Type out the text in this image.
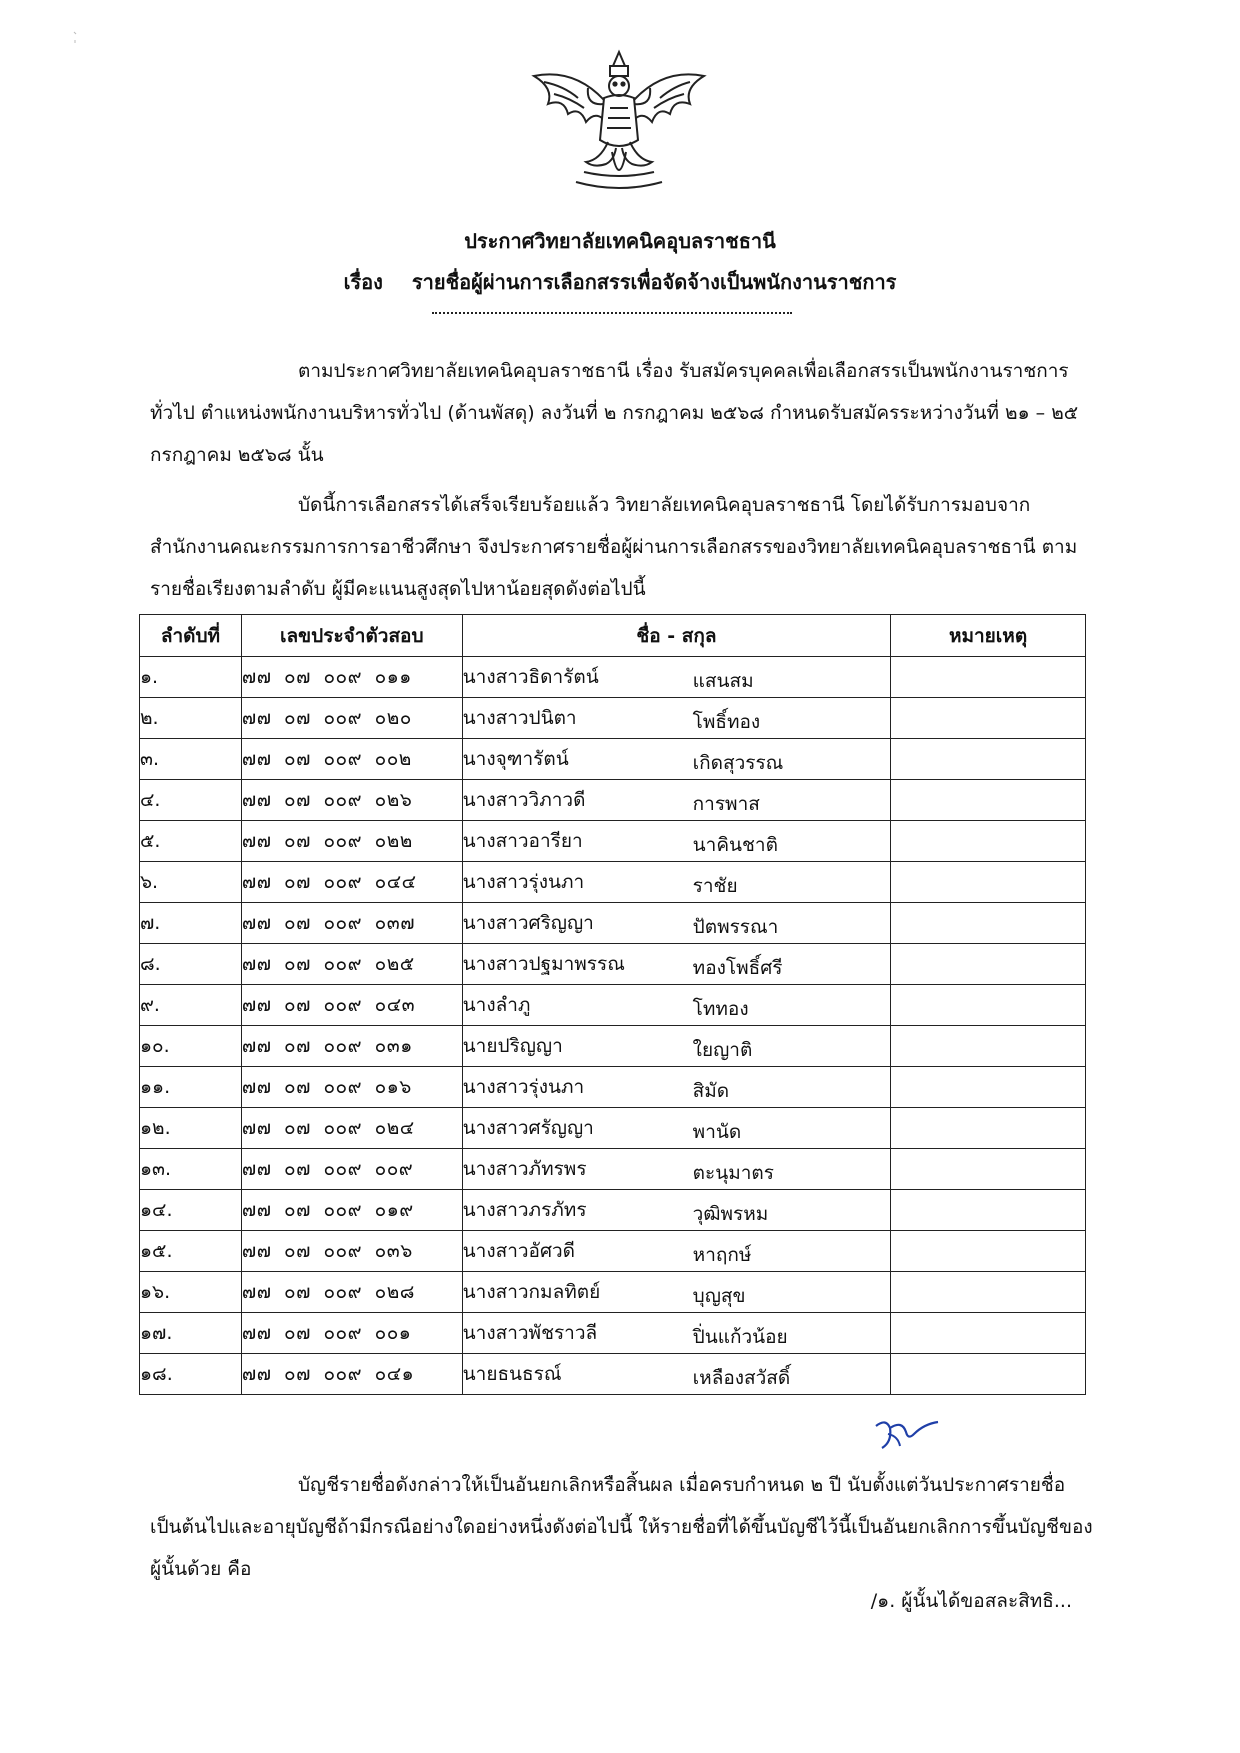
ประกาศวิทยาลัยเทคนิคอุบลราชธานี
เรื่อง รายชื่อผู้ผ่านการเลือกสรรเพื่อจัดจ้างเป็นพนักงานราชการ

ตามประกาศวิทยาลัยเทคนิคอุบลราชธานี เรื่อง รับสมัครบุคคลเพื่อเลือกสรรเป็นพนักงานราชการทั่วไป ตำแหน่งพนักงานบริหารทั่วไป (ด้านพัสดุ) ลงวันที่ ๒ กรกฎาคม ๒๕๖๘ กำหนดรับสมัครระหว่างวันที่ ๒๑ – ๒๕ กรกฎาคม ๒๕๖๘ นั้น

บัดนี้การเลือกสรรได้เสร็จเรียบร้อยแล้ว วิทยาลัยเทคนิคอุบลราชธานี โดยได้รับการมอบจากสำนักงานคณะกรรมการการอาชีวศึกษา จึงประกาศรายชื่อผู้ผ่านการเลือกสรรของวิทยาลัยเทคนิคอุบลราชธานี ตามรายชื่อเรียงตามลำดับ ผู้มีคะแนนสูงสุดไปหาน้อยสุดดังต่อไปนี้

ลำดับที่	เลขประจำตัวสอบ	ชื่อ - สกุล	หมายเหตุ
๑.	๗๗ ๐๗ ๐๐๙ ๐๑๑	นางสาวธิดารัตน์ แสนสม	

๒.	๗๗ ๐๗ ๐๐๙ ๐๒๐	นางสาวปนิตา โพธิ์ทอง	

๓.	๗๗ ๐๗ ๐๐๙ ๐๐๒	นางจุฑารัตน์ เกิดสุวรรณ	

๔.	๗๗ ๐๗ ๐๐๙ ๐๒๖	นางสาววิภาวดี การพาส	

๕.	๗๗ ๐๗ ๐๐๙ ๐๒๒	นางสาวอารียา นาคินชาติ	

๖.	๗๗ ๐๗ ๐๐๙ ๐๔๔	นางสาวรุ่งนภา ราชัย	

๗.	๗๗ ๐๗ ๐๐๙ ๐๓๗	นางสาวศริญญา ปัตพรรณา	

๘.	๗๗ ๐๗ ๐๐๙ ๐๒๕	นางสาวปฐมาพรรณ ทองโพธิ์ศรี	

๙.	๗๗ ๐๗ ๐๐๙ ๐๔๓	นางลำภู โททอง	

๑๐.	๗๗ ๐๗ ๐๐๙ ๐๓๑	นายปริญญา ใยญาติ	

๑๑.	๗๗ ๐๗ ๐๐๙ ๐๑๖	นางสาวรุ่งนภา สิมัด	

๑๒.	๗๗ ๐๗ ๐๐๙ ๐๒๔	นางสาวศรัญญา พานัด	

๑๓.	๗๗ ๐๗ ๐๐๙ ๐๐๙	นางสาวภัทรพร ตะนุมาตร	

๑๔.	๗๗ ๐๗ ๐๐๙ ๐๑๙	นางสาวภรภัทร วุฒิพรหม	

๑๕.	๗๗ ๐๗ ๐๐๙ ๐๓๖	นางสาวอัศวดี หาฤกษ์	

๑๖.	๗๗ ๐๗ ๐๐๙ ๐๒๘	นางสาวกมลทิตย์ บุญสุข	

๑๗.	๗๗ ๐๗ ๐๐๙ ๐๐๑	นางสาวพัชราวลี ปิ่นแก้วน้อย	

๑๘.	๗๗ ๐๗ ๐๐๙ ๐๔๑	นายธนธรณ์ เหลืองสวัสดิ์	

บัญชีรายชื่อดังกล่าวให้เป็นอันยกเลิกหรือสิ้นผล เมื่อครบกำหนด ๒ ปี นับตั้งแต่วันประกาศรายชื่อเป็นต้นไปและอายุบัญชีถ้ามีกรณีอย่างใดอย่างหนึ่งดังต่อไปนี้ ให้รายชื่อที่ได้ขึ้นบัญชีไว้นี้เป็นอันยกเลิกการขึ้นบัญชีของผู้นั้นด้วย คือ

/๑. ผู้นั้นได้ขอสละสิทธิ...
